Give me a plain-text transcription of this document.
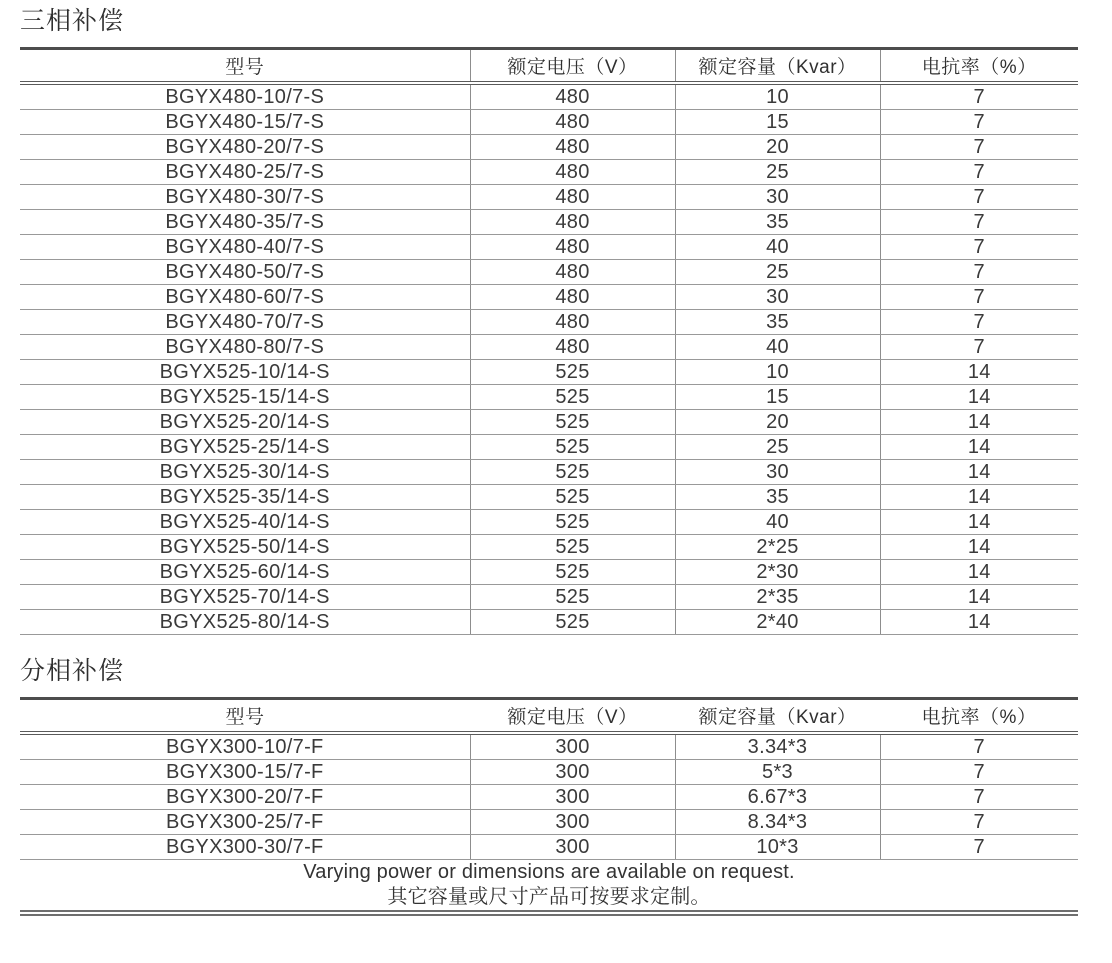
三相补偿
型号	额定电压（V）	额定容量（Kvar）	电抗率（%）
BGYX480-10/7-S	480	10	7
BGYX480-15/7-S	480	15	7
BGYX480-20/7-S	480	20	7
BGYX480-25/7-S	480	25	7
BGYX480-30/7-S	480	30	7
BGYX480-35/7-S	480	35	7
BGYX480-40/7-S	480	40	7
BGYX480-50/7-S	480	25	7
BGYX480-60/7-S	480	30	7
BGYX480-70/7-S	480	35	7
BGYX480-80/7-S	480	40	7
BGYX525-10/14-S	525	10	14
BGYX525-15/14-S	525	15	14
BGYX525-20/14-S	525	20	14
BGYX525-25/14-S	525	25	14
BGYX525-30/14-S	525	30	14
BGYX525-35/14-S	525	35	14
BGYX525-40/14-S	525	40	14
BGYX525-50/14-S	525	2*25	14
BGYX525-60/14-S	525	2*30	14
BGYX525-70/14-S	525	2*35	14
BGYX525-80/14-S	525	2*40	14
分相补偿
型号	额定电压（V）	额定容量（Kvar）	电抗率（%）
BGYX300-10/7-F	300	3.34*3	7
BGYX300-15/7-F	300	5*3	7
BGYX300-20/7-F	300	6.67*3	7
BGYX300-25/7-F	300	8.34*3	7
BGYX300-30/7-F	300	10*3	7

Varying power or dimensions are available on request.
其它容量或尺寸产品可按要求定制。			
